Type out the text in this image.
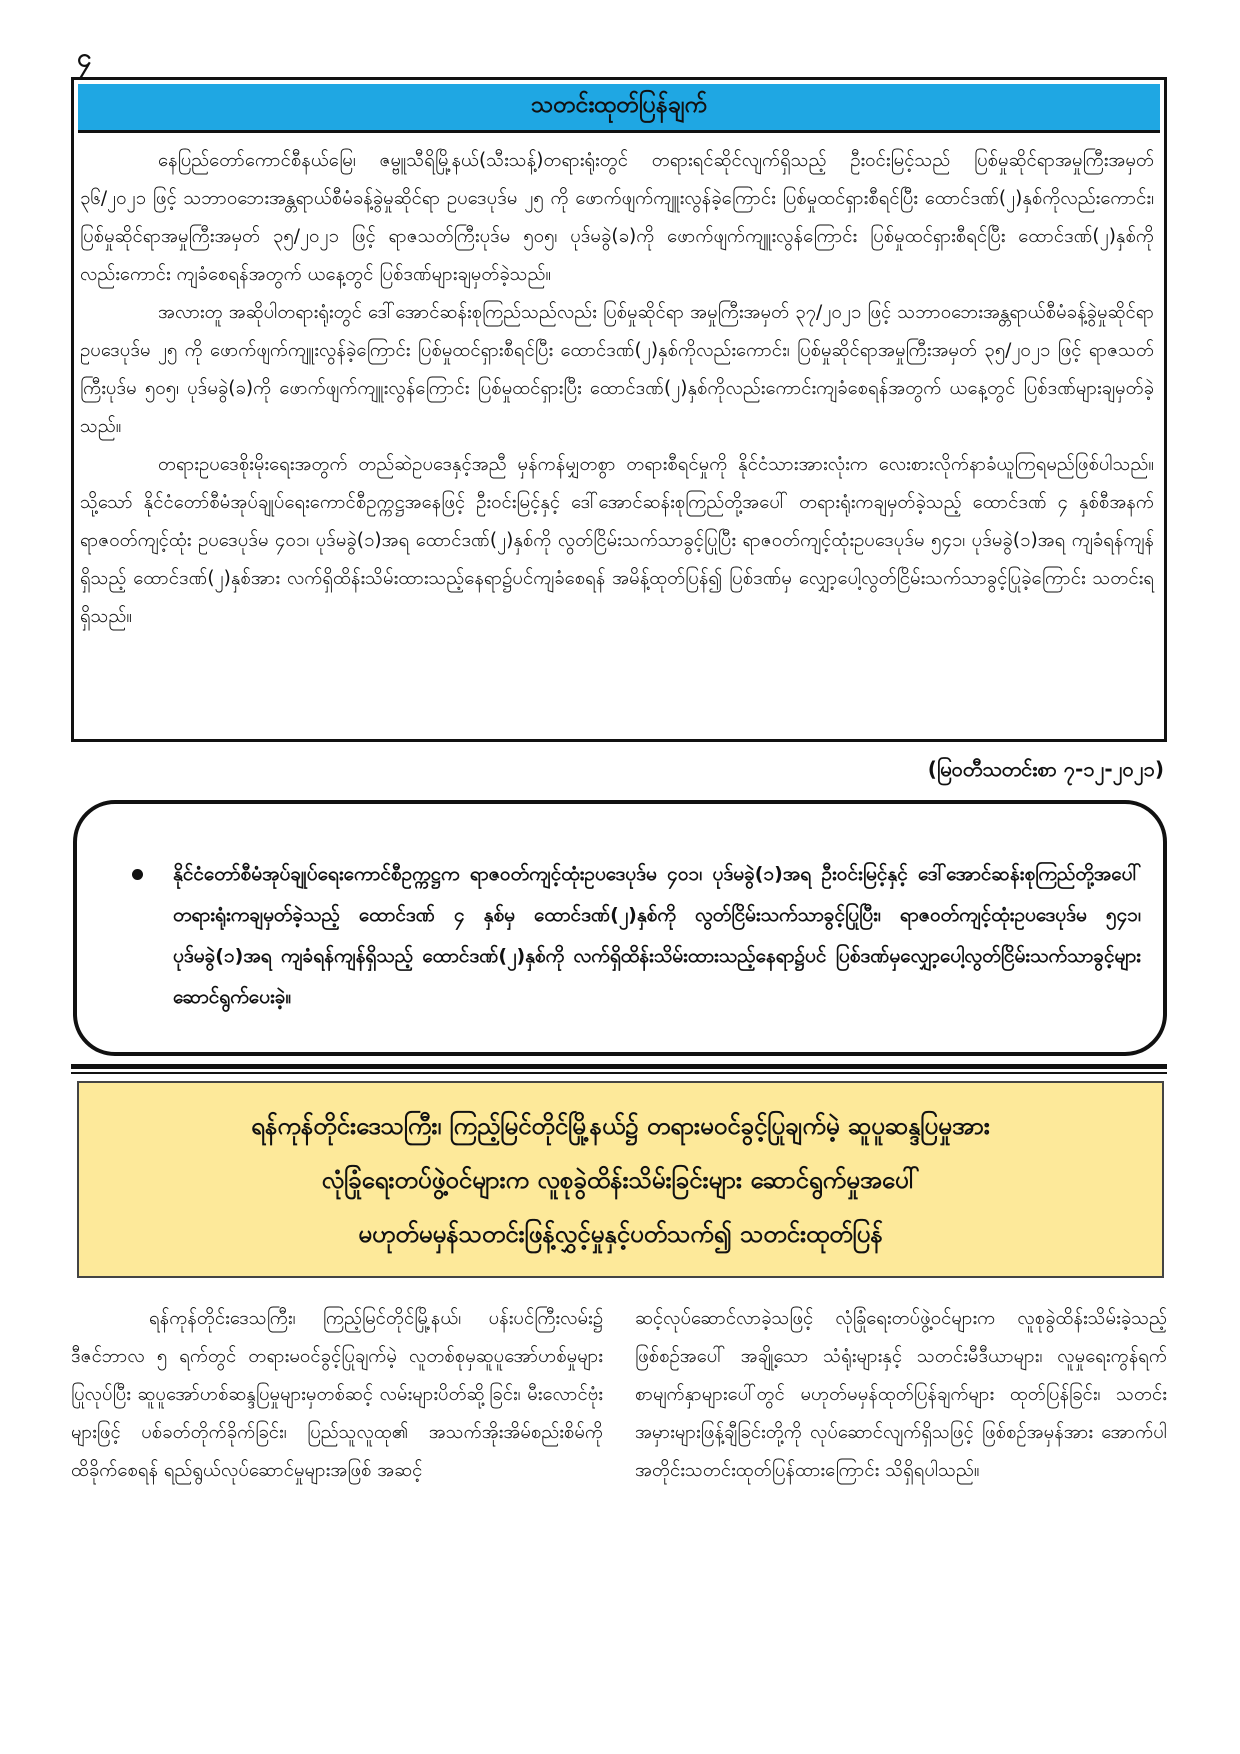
၄
သတင်းထုတ်ပြန်ချက်

နေပြည်တော်ကောင်စီနယ်မြေ၊ ဇမ္ဗူသီရိမြို့နယ်(သီးသန့်)တရားရုံးတွင် တရားရင်ဆိုင်လျက်ရှိသည့် ဦးဝင်းမြင့်သည် ပြစ်မှုဆိုင်ရာအမှုကြီးအမှတ် ၃၆/၂၀၂၁ ဖြင့် သဘာဝဘေးအန္တရာယ်စီမံခန့်ခွဲမှုဆိုင်ရာ ဥပဒေပုဒ်မ ၂၅ ကို ဖောက်ဖျက်ကျူးလွန်ခဲ့ကြောင်း ပြစ်မှုထင်ရှားစီရင်ပြီး ထောင်ဒဏ်(၂)နှစ်ကိုလည်းကောင်း၊ ပြစ်မှုဆိုင်ရာအမှုကြီးအမှတ် ၃၅/၂၀၂၁ ဖြင့် ရာဇသတ်ကြီးပုဒ်မ ၅၀၅၊ ပုဒ်မခွဲ(ခ)ကို ဖောက်ဖျက်ကျူးလွန်ကြောင်း ပြစ်မှုထင်ရှားစီရင်ပြီး ထောင်ဒဏ်(၂)နှစ်ကိုလည်းကောင်း ကျခံစေရန်အတွက် ယနေ့တွင် ပြစ်ဒဏ်များချမှတ်ခဲ့သည်။

အလားတူ အဆိုပါတရားရုံးတွင် ဒေါ်အောင်ဆန်းစုကြည်သည်လည်း ပြစ်မှုဆိုင်ရာ အမှုကြီးအမှတ် ၃၇/၂၀၂၁ ဖြင့် သဘာဝဘေးအန္တရာယ်စီမံခန့်ခွဲမှုဆိုင်ရာ ဥပဒေပုဒ်မ ၂၅ ကို ဖောက်ဖျက်ကျူးလွန်ခဲ့ကြောင်း ပြစ်မှုထင်ရှားစီရင်ပြီး ထောင်ဒဏ်(၂)နှစ်ကိုလည်းကောင်း၊ ပြစ်မှုဆိုင်ရာအမှုကြီးအမှတ် ၃၅/၂၀၂၁ ဖြင့် ရာဇသတ်ကြီးပုဒ်မ ၅၀၅၊ ပုဒ်မခွဲ(ခ)ကို ဖောက်ဖျက်ကျူးလွန်ကြောင်း ပြစ်မှုထင်ရှားပြီး ထောင်ဒဏ်(၂)နှစ်ကိုလည်းကောင်းကျခံစေရန်အတွက် ယနေ့တွင် ပြစ်ဒဏ်များချမှတ်ခဲ့သည်။

တရားဥပဒေစိုးမိုးရေးအတွက် တည်ဆဲဥပဒေနှင့်အညီ မှန်ကန်မျှတစွာ တရားစီရင်မှုကို နိုင်ငံသားအားလုံးက လေးစားလိုက်နာခံယူကြရမည်ဖြစ်ပါသည်။ သို့သော် နိုင်ငံတော်စီမံအုပ်ချုပ်ရေးကောင်စီဥက္ကဋ္ဌအနေဖြင့် ဦးဝင်းမြင့်နှင့် ဒေါ်အောင်ဆန်းစုကြည်တို့အပေါ် တရားရုံးကချမှတ်ခဲ့သည့် ထောင်ဒဏ် ၄ နှစ်စီအနက် ရာဇဝတ်ကျင့်ထုံး ဥပဒေပုဒ်မ ၄၀၁၊ ပုဒ်မခွဲ(၁)အရ ထောင်ဒဏ်(၂)နှစ်ကို လွတ်ငြိမ်းသက်သာခွင့်ပြုပြီး ရာဇဝတ်ကျင့်ထုံးဥပဒေပုဒ်မ ၅၄၁၊ ပုဒ်မခွဲ(၁)အရ ကျခံရန်ကျန်ရှိသည့် ထောင်ဒဏ်(၂)နှစ်အား လက်ရှိထိန်းသိမ်းထားသည့်နေရာ၌ပင်ကျခံစေရန် အမိန့်ထုတ်ပြန်၍ ပြစ်ဒဏ်မှ လျှော့ပေါ့လွတ်ငြိမ်းသက်သာခွင့်ပြုခဲ့ကြောင်း သတင်းရရှိသည်။

(မြဝတီသတင်းစာ ၇-၁၂-၂၀၂၁)
နိုင်ငံတော်စီမံအုပ်ချုပ်ရေးကောင်စီဥက္ကဋ္ဌက ရာဇဝတ်ကျင့်ထုံးဥပဒေပုဒ်မ ၄၀၁၊ ပုဒ်မခွဲ(၁)အရ ဦးဝင်းမြင့်နှင့် ဒေါ်အောင်ဆန်းစုကြည်တို့အပေါ် တရားရုံးကချမှတ်ခဲ့သည့် ထောင်ဒဏ် ၄ နှစ်မှ ထောင်ဒဏ်(၂)နှစ်ကို လွတ်ငြိမ်းသက်သာခွင့်ပြုပြီး၊ ရာဇဝတ်ကျင့်ထုံးဥပဒေပုဒ်မ ၅၄၁၊ ပုဒ်မခွဲ(၁)အရ ကျခံရန်ကျန်ရှိသည့် ထောင်ဒဏ်(၂)နှစ်ကို လက်ရှိထိန်းသိမ်းထားသည့်နေရာ၌ပင် ပြစ်ဒဏ်မှလျှော့ပေါ့လွတ်ငြိမ်းသက်သာခွင့်များ ဆောင်ရွက်ပေးခဲ့။
ရန်ကုန်တိုင်းဒေသကြီး၊ ကြည့်မြင်တိုင်မြို့နယ်၌ တရားမဝင်ခွင့်ပြုချက်မဲ့ ဆူပူဆန္ဒပြမှုအား
လုံခြုံရေးတပ်ဖွဲ့ဝင်များက လူစုခွဲထိန်းသိမ်းခြင်းများ ဆောင်ရွက်မှုအပေါ်
မဟုတ်မမှန်သတင်းဖြန့်လွှင့်မှုနှင့်ပတ်သက်၍ သတင်းထုတ်ပြန်
ရန်ကုန်တိုင်းဒေသကြီး၊ ကြည့်မြင်တိုင်မြို့နယ်၊ ပန်းပင်ကြီးလမ်း၌ ဒီဇင်ဘာလ ၅ ရက်တွင် တရားမဝင်ခွင့်ပြုချက်မဲ့ လူတစ်စုမှဆူပူအော်ဟစ်မှုများပြုလုပ်ပြီး ဆူပူအော်ဟစ်ဆန္ဒပြမှုများမှတစ်ဆင့် လမ်းများပိတ်ဆို့ခြင်း၊ မီးလောင်ဗုံးများဖြင့် ပစ်ခတ်တိုက်ခိုက်ခြင်း၊ ပြည်သူလူထု၏ အသက်အိုးအိမ်စည်းစိမ်ကို ထိခိုက်စေရန် ရည်ရွယ်လုပ်ဆောင်မှုများအဖြစ် အဆင့်
ဆင့်လုပ်ဆောင်လာခဲ့သဖြင့် လုံခြုံရေးတပ်ဖွဲ့ဝင်များက လူစုခွဲထိန်းသိမ်းခဲ့သည့်ဖြစ်စဉ်အပေါ် အချို့သော သံရုံးများနှင့် သတင်းမီဒီယာများ၊ လူမှုရေးကွန်ရက်စာမျက်နှာများပေါ်တွင် မဟုတ်မမှန်ထုတ်ပြန်ချက်များ ထုတ်ပြန်ခြင်း၊ သတင်းအမှားများဖြန့်ချီခြင်းတို့ကို လုပ်ဆောင်လျက်ရှိသဖြင့် ဖြစ်စဉ်အမှန်အား အောက်ပါအတိုင်းသတင်းထုတ်ပြန်ထားကြောင်း သိရှိရပါသည်။
